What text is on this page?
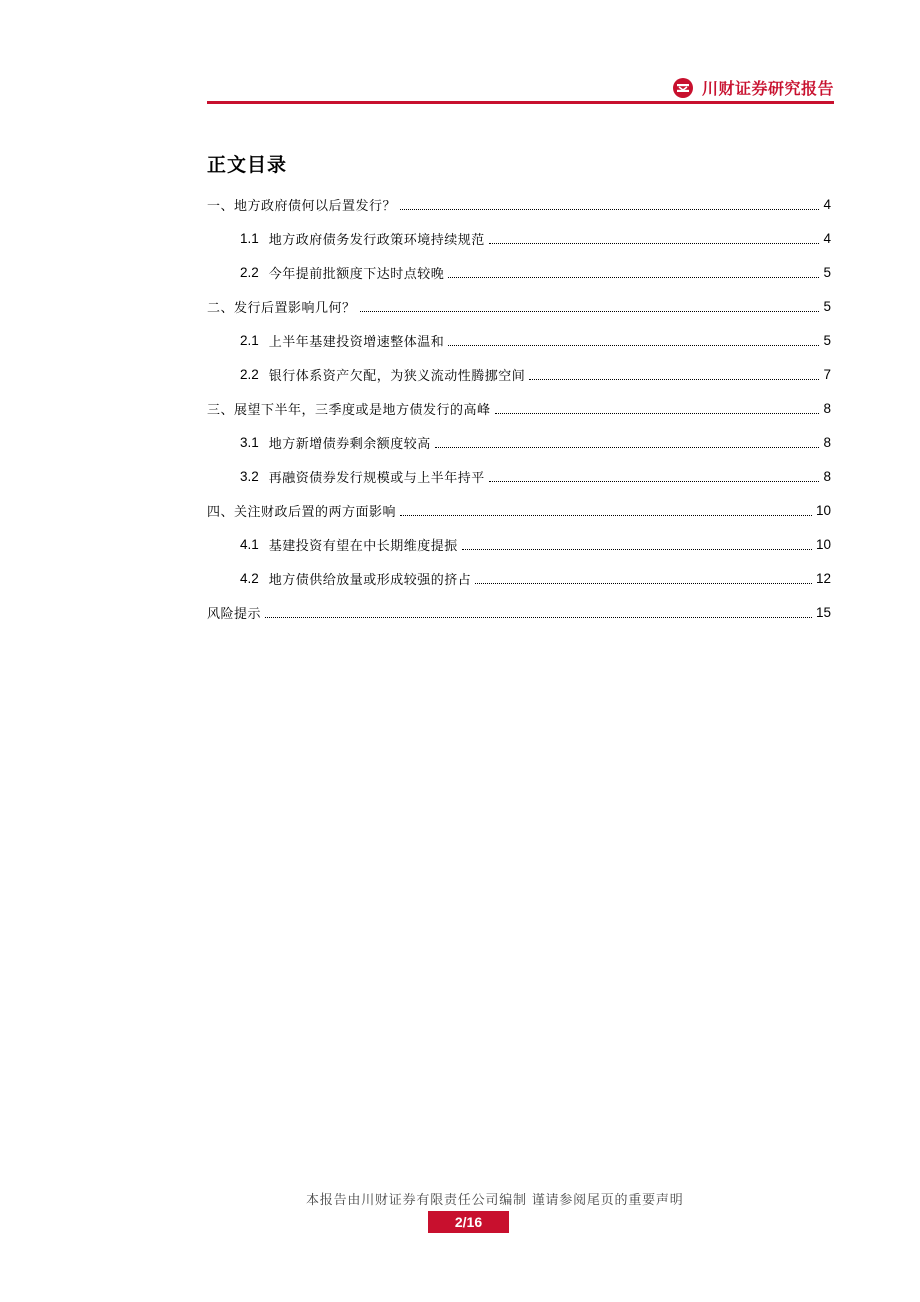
川财证券研究报告
正文目录
一、地方政府债何以后置发行？	4
1.1 地方政府债务发行政策环境持续规范	4
2.2 今年提前批额度下达时点较晚	5
二、发行后置影响几何？	5
2.1 上半年基建投资增速整体温和	5
2.2 银行体系资产欠配，为狭义流动性腾挪空间	7
三、展望下半年，三季度或是地方债发行的高峰	8
3.1 地方新增债券剩余额度较高	8
3.2 再融资债券发行规模或与上半年持平	8
四、关注财政后置的两方面影响	10
4.1 基建投资有望在中长期维度提振	10
4.2 地方债供给放量或形成较强的挤占	12
风险提示	15
本报告由川财证券有限责任公司编制 谨请参阅尾页的重要声明
2/16
